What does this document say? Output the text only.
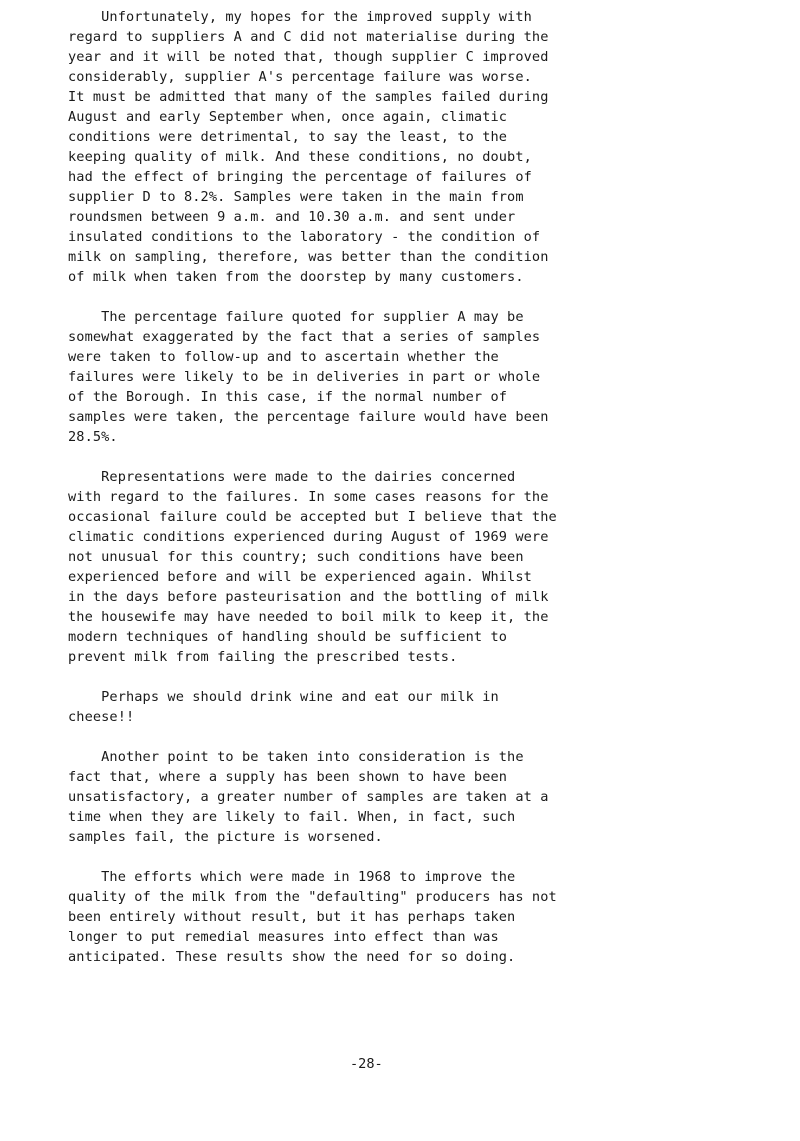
Unfortunately, my hopes for the improved supply with
regard to suppliers A and C did not materialise during the
year and it will be noted that, though supplier C improved
considerably, supplier A's percentage failure was worse.
It must be admitted that many of the samples failed during
August and early September when, once again, climatic
conditions were detrimental, to say the least, to the
keeping quality of milk. And these conditions, no doubt,
had the effect of bringing the percentage of failures of
supplier D to 8.2%. Samples were taken in the main from
roundsmen between 9 a.m. and 10.30 a.m. and sent under
insulated conditions to the laboratory - the condition of
milk on sampling, therefore, was better than the condition
of milk when taken from the doorstep by many customers.
The percentage failure quoted for supplier A may be
somewhat exaggerated by the fact that a series of samples
were taken to follow-up and to ascertain whether the
failures were likely to be in deliveries in part or whole
of the Borough. In this case, if the normal number of
samples were taken, the percentage failure would have been
28.5%.
Representations were made to the dairies concerned
with regard to the failures. In some cases reasons for the
occasional failure could be accepted but I believe that the
climatic conditions experienced during August of 1969 were
not unusual for this country; such conditions have been
experienced before and will be experienced again. Whilst
in the days before pasteurisation and the bottling of milk
the housewife may have needed to boil milk to keep it, the
modern techniques of handling should be sufficient to
prevent milk from failing the prescribed tests.
Perhaps we should drink wine and eat our milk in
cheese!!
Another point to be taken into consideration is the
fact that, where a supply has been shown to have been
unsatisfactory, a greater number of samples are taken at a
time when they are likely to fail. When, in fact, such
samples fail, the picture is worsened.
The efforts which were made in 1968 to improve the
quality of the milk from the "defaulting" producers has not
been entirely without result, but it has perhaps taken
longer to put remedial measures into effect than was
anticipated. These results show the need for so doing.
-28-
